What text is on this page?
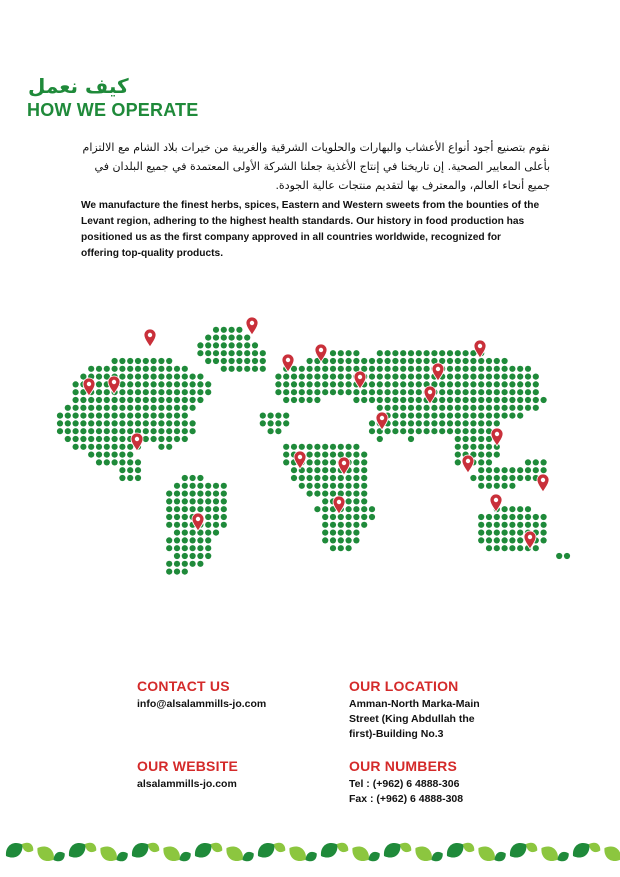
كيف نعمل
HOW WE OPERATE
نقوم بتصنيع أجود أنواع الأعشاب والبهارات والحلويات الشرقية والغربية من خيرات بلاد الشام مع الالتزام بأعلى المعايير الصحية. إن تاريخنا في إنتاج الأغذية جعلنا الشركة الأولى المعتمدة في جميع البلدان في جميع أنحاء العالم، والمعترف بها لتقديم منتجات عالية الجودة.
We manufacture the finest herbs, spices, Eastern and Western sweets from the bounties of the Levant region, adhering to the highest health standards. Our history in food production has positioned us as the first company approved in all countries worldwide, recognized for offering top-quality products.
CONTACT US
info@alsalammills-jo.com
OUR WEBSITE
alsalammills-jo.com
OUR LOCATION
Amman-North Marka-Main
Street (King Abdullah the
first)-Building No.3
OUR NUMBERS
Tel : (+962) 6 4888-306
Fax : (+962) 6 4888-308
